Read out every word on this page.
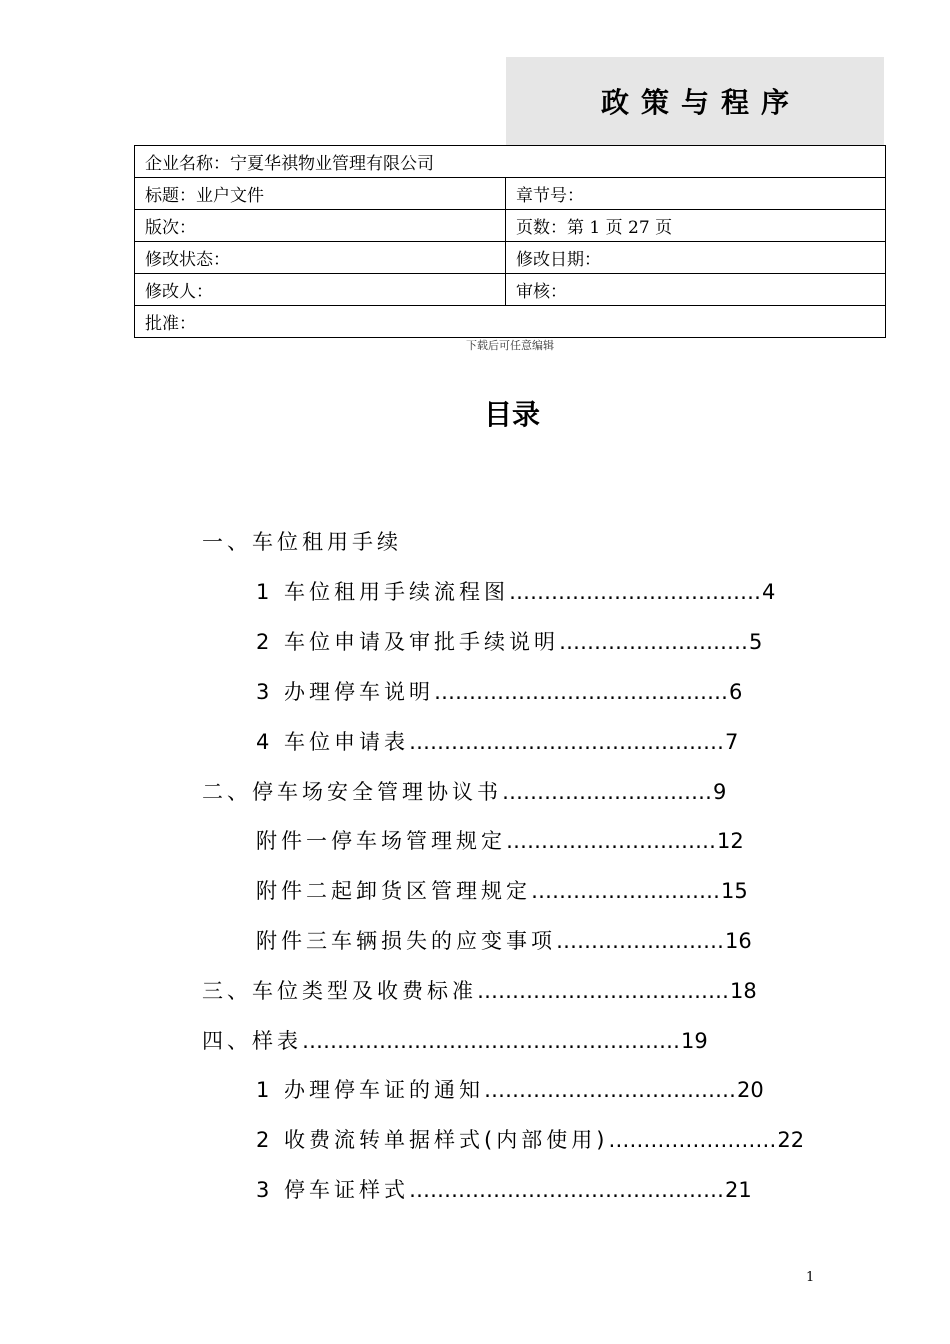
政策与程序
企业名称：宁夏华祺物业管理有限公司	
标题：业户文件	章节号：
版次：	页数：第 1 页 27 页
修改状态：	修改日期：
修改人：	审核：
批准：	
下载后可任意编辑
目录
一、车位租用手续
1 车位租用手续流程图 ……………………………… 4
2 车位申请及审批手续说明 ……………………… 5
3 办理停车说明 …………………………………… 6
4 车位申请表 ……………………………………… 7
二、停车场安全管理协议书 ………………………… 9
附件一停车场管理规定 ………………………… 12
附件二起卸货区管理规定 ……………………… 15
附件三车辆损失的应变事项 …………………… 16
三、车位类型及收费标准 ……………………………… 18
四、样表 ……………………………………………… 19
1 办理停车证的通知 ……………………………… 20
2 收费流转单据样式(内部使用) …………………… 22
3 停车证样式 ……………………………………… 21
1
